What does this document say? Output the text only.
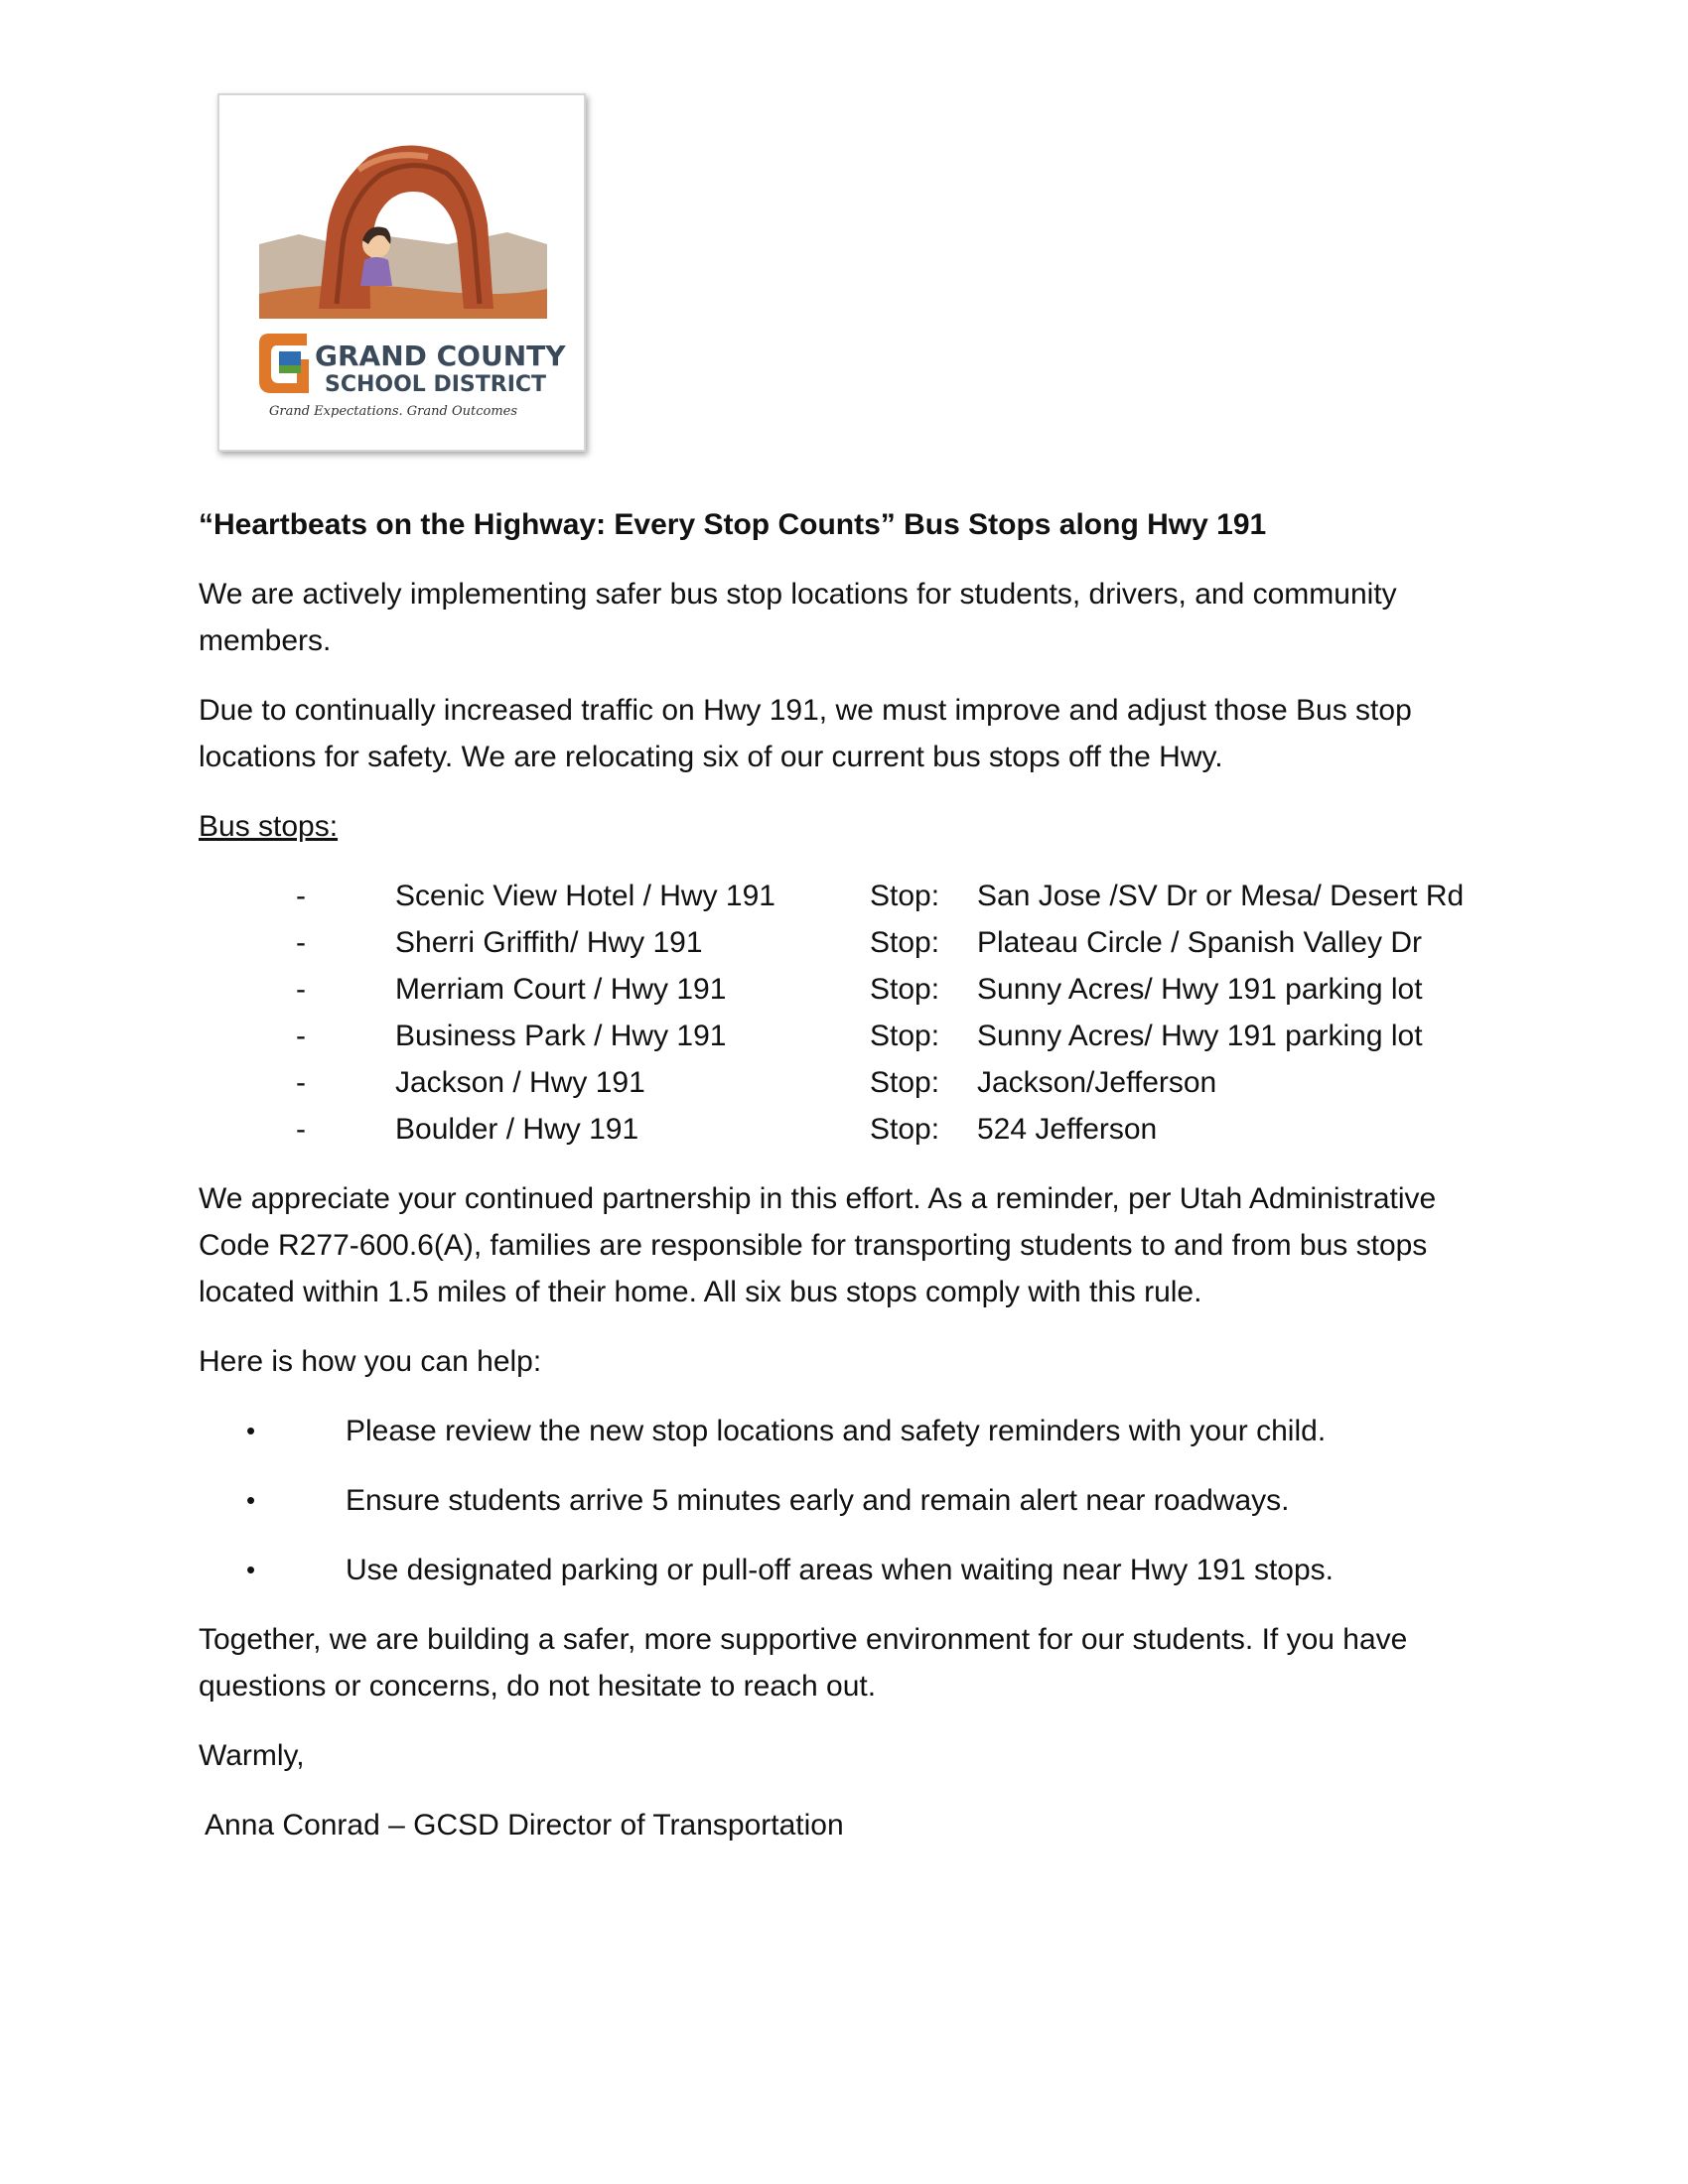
GRAND COUNTY
SCHOOL DISTRICT
Grand Expectations. Grand Outcomes

“Heartbeats on the Highway: Every Stop Counts” Bus Stops along Hwy 191

We are actively implementing safer bus stop locations for students, drivers, and community members.

Due to continually increased traffic on Hwy 191, we must improve and adjust those Bus stop locations for safety. We are relocating six of our current bus stops off the Hwy.

Bus stops:

-	Scenic View Hotel / Hwy 191	Stop:	San Jose /SV Dr or Mesa/ Desert Rd
-	Sherri Griffith/ Hwy 191	Stop:	Plateau Circle / Spanish Valley Dr
-	Merriam Court / Hwy 191	Stop:	Sunny Acres/ Hwy 191 parking lot
-	Business Park / Hwy 191	Stop:	Sunny Acres/ Hwy 191 parking lot
-	Jackson / Hwy 191	Stop:	Jackson/Jefferson
-	Boulder / Hwy 191	Stop:	524 Jefferson

We appreciate your continued partnership in this effort. As a reminder, per Utah Administrative Code R277-600.6(A), families are responsible for transporting students to and from bus stops located within 1.5 miles of their home. All six bus stops comply with this rule.

Here is how you can help:

•	Please review the new stop locations and safety reminders with your child.
•	Ensure students arrive 5 minutes early and remain alert near roadways.
•	Use designated parking or pull-off areas when waiting near Hwy 191 stops.

Together, we are building a safer, more supportive environment for our students. If you have questions or concerns, do not hesitate to reach out.

Warmly,

Anna Conrad – GCSD Director of Transportation
